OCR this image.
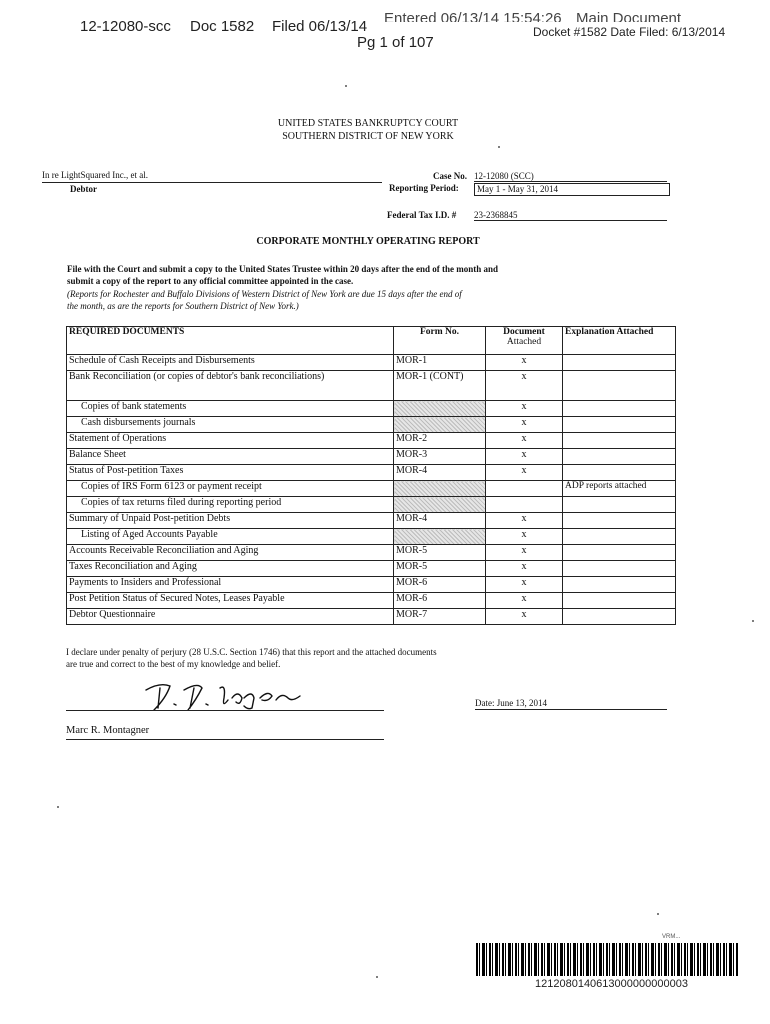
12-12080-scc Doc 1582 Filed 06/13/14 Entered 06/13/14 15:54:26 Main Document
Pg 1 of 107
Docket #1582 Date Filed: 6/13/2014
UNITED STATES BANKRUPTCY COURT
SOUTHERN DISTRICT OF NEW YORK
In re LightSquared Inc., et al.
Debtor
Case No. 12-12080 (SCC)
Reporting Period:	May 1 - May 31, 2014
Federal Tax I.D. # 23-2368845
CORPORATE MONTHLY OPERATING REPORT
File with the Court and submit a copy to the United States Trustee within 20 days after the end of the month and
submit a copy of the report to any official committee appointed in the case.
(Reports for Rochester and Buffalo Divisions of Western District of New York are due 15 days after the end of
the month, as are the reports for Southern District of New York.)
REQUIRED DOCUMENTS	Form No.	Document
Attached	Explanation Attached
Schedule of Cash Receipts and Disbursements	MOR-1	x	
Bank Reconciliation (or copies of debtor's bank reconciliations)	MOR-1 (CONT)	x	
Copies of bank statements		x	
Cash disbursements journals		x	
Statement of Operations	MOR-2	x	
Balance Sheet	MOR-3	x	
Status of Post-petition Taxes	MOR-4	x	
Copies of IRS Form 6123 or payment receipt			ADP reports attached
Copies of tax returns filed during reporting period			
Summary of Unpaid Post-petition Debts	MOR-4	x	
Listing of Aged Accounts Payable		x	
Accounts Receivable Reconciliation and Aging	MOR-5	x	
Taxes Reconciliation and Aging	MOR-5	x	
Payments to Insiders and Professional	MOR-6	x	
Post Petition Status of Secured Notes, Leases Payable	MOR-6	x	
Debtor Questionnaire	MOR-7	x	
I declare under penalty of perjury (28 U.S.C. Section 1746) that this report and the attached documents
are true and correct to the best of my knowledge and belief.
Marc R. Montagner
Date: June 13, 2014
VRM...
1212080140613000000000003
